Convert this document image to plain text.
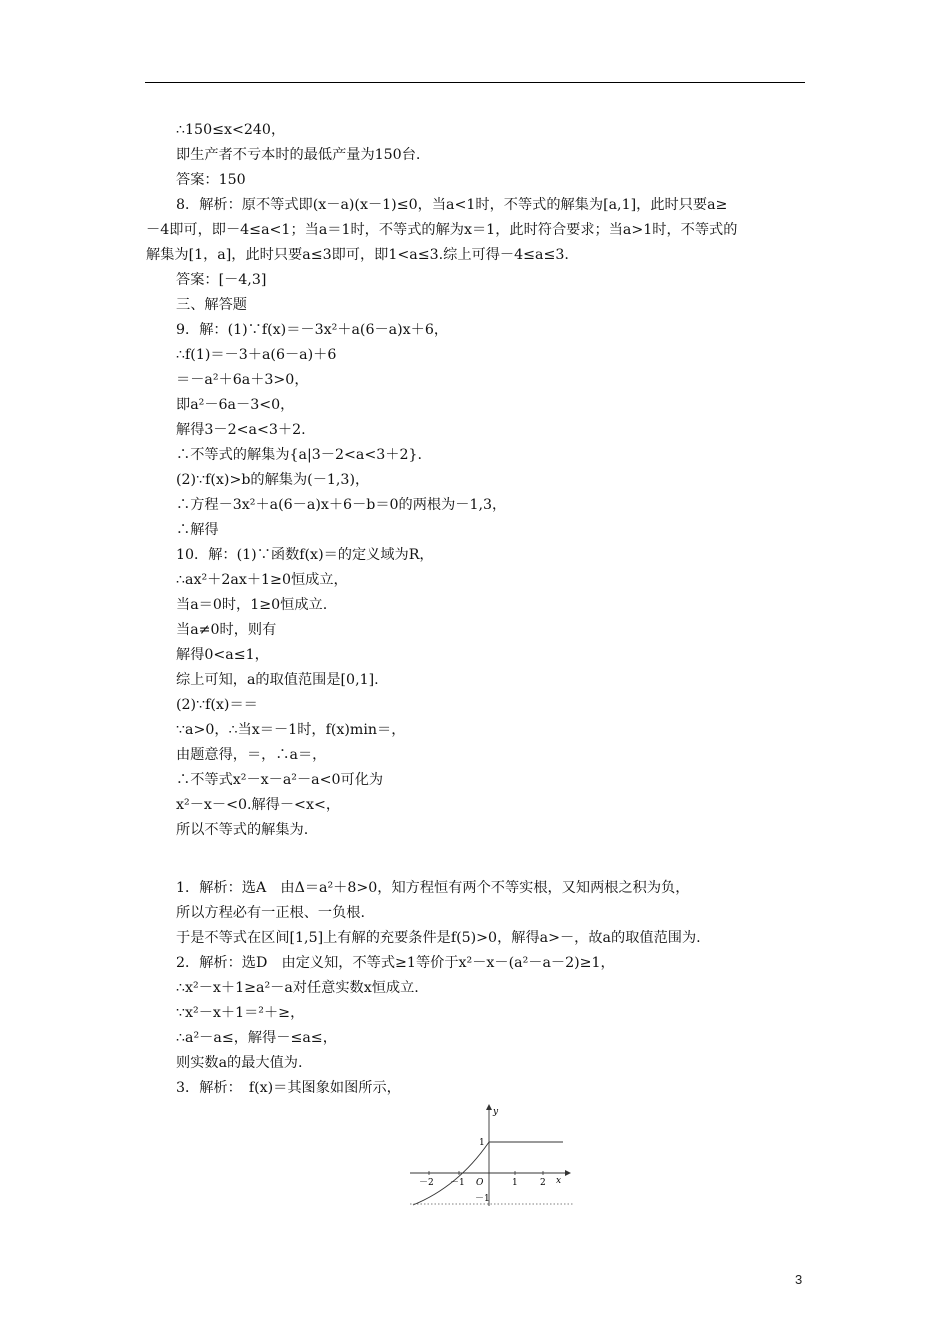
∴150≤x<240，
即生产者不亏本时的最低产量为150台.
答案：150
8．解析：原不等式即(x－a)(x－1)≤0，当a<1时，不等式的解集为[a,1]，此时只要a≥
－4即可，即－4≤a<1；当a＝1时，不等式的解为x＝1，此时符合要求；当a>1时，不等式的
解集为[1，a]，此时只要a≤3即可，即1<a≤3.综上可得－4≤a≤3.
答案：[－4,3]
三、解答题
9．解：(1)∵f(x)＝－3x²＋a(6－a)x＋6，
∴f(1)＝－3＋a(6－a)＋6
＝－a²＋6a＋3>0，
即a²－6a－3<0，
解得3－2<a<3＋2.
∴不等式的解集为{a|3－2<a<3＋2}.
(2)∵f(x)>b的解集为(－1,3)，
∴方程－3x²＋a(6－a)x＋6－b＝0的两根为－1,3，
∴解得
10．解：(1)∵函数f(x)＝的定义域为R，
∴ax²＋2ax＋1≥0恒成立，
当a＝0时，1≥0恒成立.
当a≠0时，则有
解得0<a≤1，
综上可知，a的取值范围是[0,1].
(2)∵f(x)＝＝
∵a>0，∴当x＝－1时，f(x)min＝，
由题意得，＝，∴a＝，
∴不等式x²－x－a²－a<0可化为
x²－x－<0.解得－<x<，
所以不等式的解集为.
1．解析：选A　由Δ＝a²＋8>0，知方程恒有两个不等实根，又知两根之积为负，
所以方程必有一正根、一负根.
于是不等式在区间[1,5]上有解的充要条件是f(5)>0，解得a>－，故a的取值范围为.
2．解析：选D　由定义知，不等式≥1等价于x²－x－(a²－a－2)≥1，
∴x²－x＋1≥a²－a对任意实数x恒成立.
∵x²－x＋1＝²＋≥，
∴a²－a≤，解得－≤a≤，
则实数a的最大值为.
3．解析：　f(x)＝其图象如图所示，
y
x
O
－2 －1	1 2
1
－1
3
